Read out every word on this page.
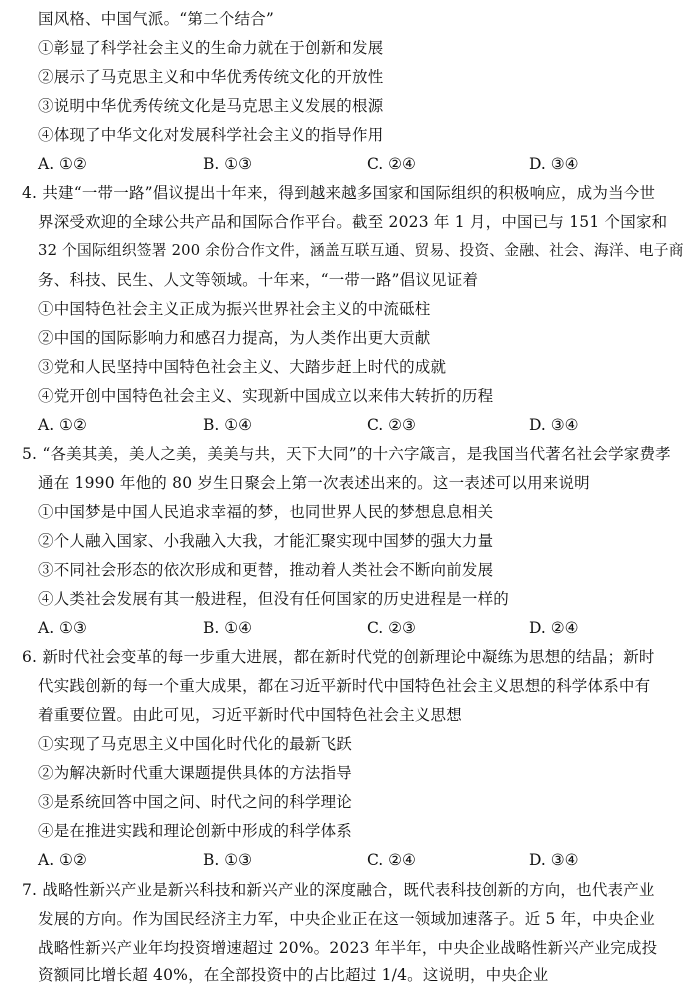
国风格、中国气派。“第二个结合”
①彰显了科学社会主义的生命力就在于创新和发展
②展示了马克思主义和中华优秀传统文化的开放性
③说明中华优秀传统文化是马克思主义发展的根源
④体现了中华文化对发展科学社会主义的指导作用
A. ①②	B. ①③	C. ②④	D. ③④
4. 共建“一带一路”倡议提出十年来，得到越来越多国家和国际组织的积极响应，成为当今世
界深受欢迎的全球公共产品和国际合作平台。截至 2023 年 1 月，中国已与 151 个国家和
32 个国际组织签署 200 余份合作文件，涵盖互联互通、贸易、投资、金融、社会、海洋、电子商
务、科技、民生、人文等领域。十年来，“一带一路”倡议见证着
①中国特色社会主义正成为振兴世界社会主义的中流砥柱
②中国的国际影响力和感召力提高，为人类作出更大贡献
③党和人民坚持中国特色社会主义、大踏步赶上时代的成就
④党开创中国特色社会主义、实现新中国成立以来伟大转折的历程
A. ①②	B. ①④	C. ②③	D. ③④
5. “各美其美，美人之美，美美与共，天下大同”的十六字箴言，是我国当代著名社会学家费孝
通在 1990 年他的 80 岁生日聚会上第一次表述出来的。这一表述可以用来说明
①中国梦是中国人民追求幸福的梦，也同世界人民的梦想息息相关
②个人融入国家、小我融入大我，才能汇聚实现中国梦的强大力量
③不同社会形态的依次形成和更替，推动着人类社会不断向前发展
④人类社会发展有其一般进程，但没有任何国家的历史进程是一样的
A. ①③	B. ①④	C. ②③	D. ②④
6. 新时代社会变革的每一步重大进展，都在新时代党的创新理论中凝练为思想的结晶；新时
代实践创新的每一个重大成果，都在习近平新时代中国特色社会主义思想的科学体系中有
着重要位置。由此可见，习近平新时代中国特色社会主义思想
①实现了马克思主义中国化时代化的最新飞跃
②为解决新时代重大课题提供具体的方法指导
③是系统回答中国之问、时代之问的科学理论
④是在推进实践和理论创新中形成的科学体系
A. ①②	B. ①③	C. ②④	D. ③④
7. 战略性新兴产业是新兴科技和新兴产业的深度融合，既代表科技创新的方向，也代表产业
发展的方向。作为国民经济主力军，中央企业正在这一领域加速落子。近 5 年，中央企业
战略性新兴产业年均投资增速超过 20%。2023 年半年，中央企业战略性新兴产业完成投
资额同比增长超 40%，在全部投资中的占比超过 1/4。这说明，中央企业
